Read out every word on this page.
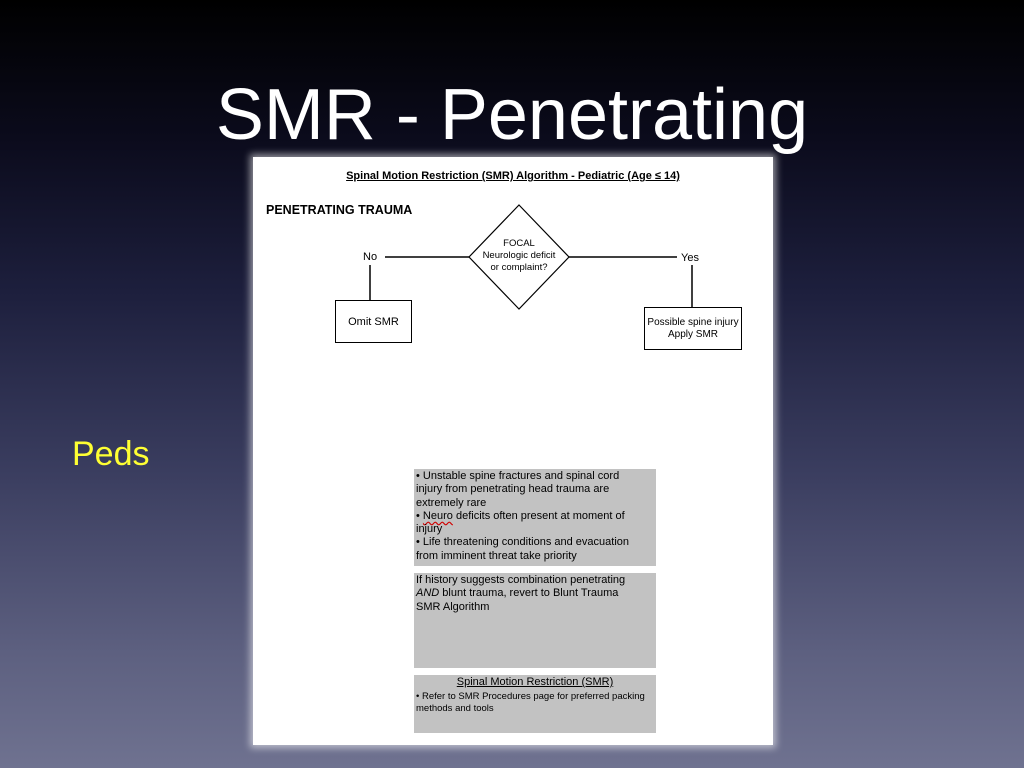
SMR - Penetrating
Peds
Spinal Motion Restriction (SMR) Algorithm - Pediatric (Age ≤ 14)
PENETRATING TRAUMA
FOCAL
Neurologic deficit
or complaint?
No	Yes
Omit SMR	Possible spine injury
Apply SMR
• Unstable spine fractures and spinal cord
injury from penetrating head trauma are
extremely rare
• Neuro deficits often present at moment of
injury
• Life threatening conditions and evacuation
from imminent threat take priority
If history suggests combination penetrating
AND blunt trauma, revert to Blunt Trauma
SMR Algorithm
Spinal Motion Restriction (SMR)
• Refer to SMR Procedures page for preferred packing
methods and tools
